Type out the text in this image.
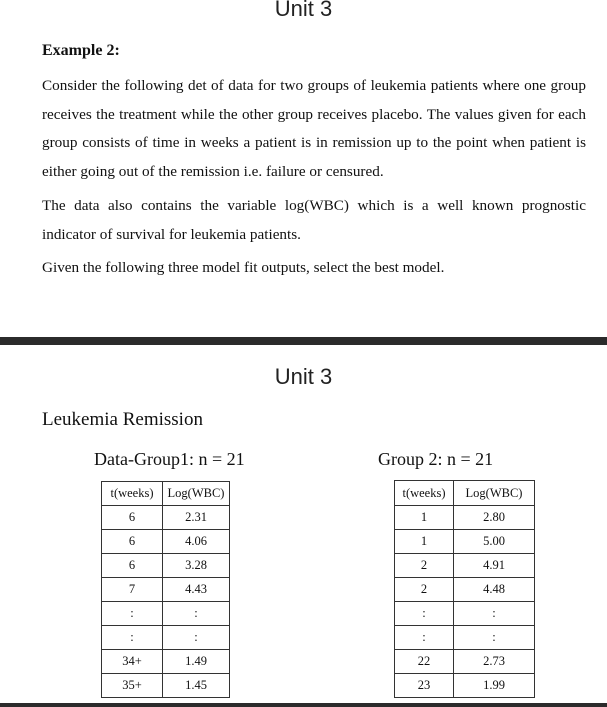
Unit 3
Example 2:
Consider the following det of data for two groups of leukemia patients where one group receives the treatment while the other group receives placebo. The values given for each group consists of time in weeks a patient is in remission up to the point when patient is either going out of the remission i.e. failure or censured.
The data also contains the variable log(WBC) which is a well known prognostic indicator of survival for leukemia patients.
Given the following three model fit outputs, select the best model.
Unit 3
Leukemia Remission
Data-Group1: n = 21	Group 2: n = 21
t(weeks)	Log(WBC)
6	2.31
6	4.06
6	3.28
7	4.43
:	:
:	:
34+	1.49
35+	1.45
t(weeks)	Log(WBC)
1	2.80
1	5.00
2	4.91
2	4.48
:	:
:	:
22	2.73
23	1.99
